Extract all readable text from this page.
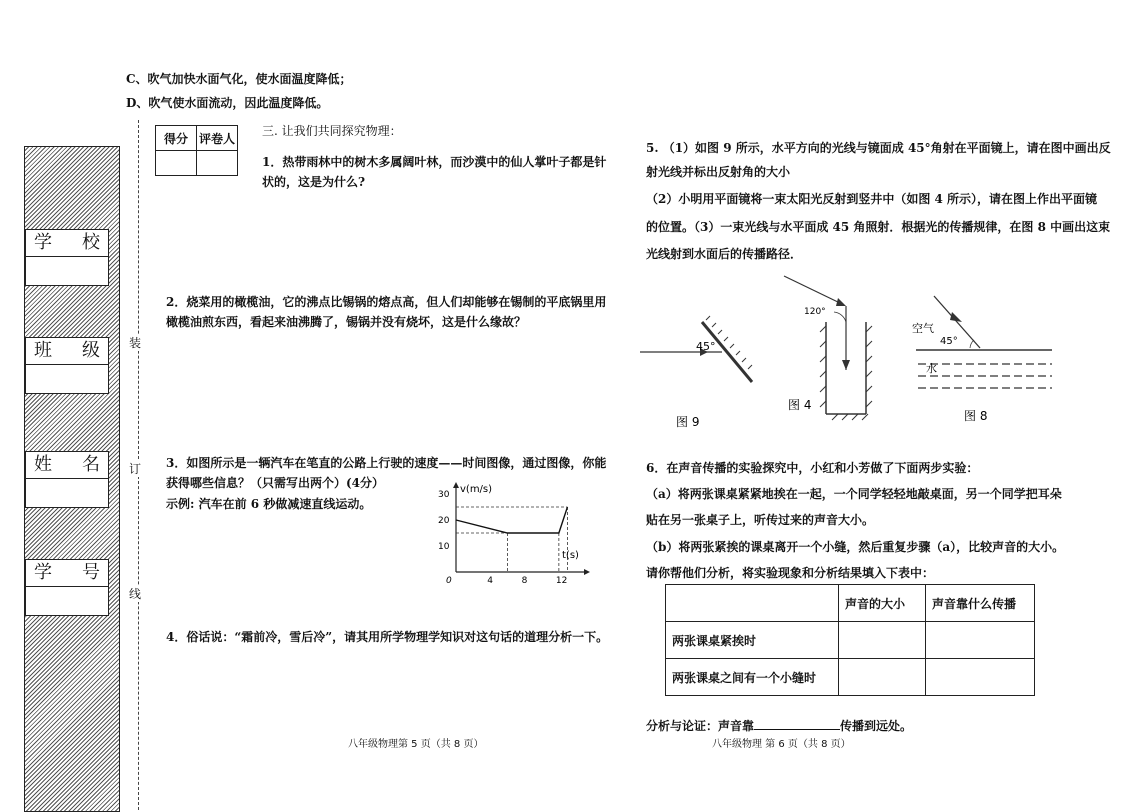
C、吹气加快水面气化，使水面温度降低；
D、吹气使水面流动，因此温度降低。
学 校
班 级
姓 名
学 号
装
订
线
得分	评卷人

三. 让我们共同探究物理：
1．热带雨林中的树木多属阔叶林，而沙漠中的仙人掌叶子都是针
状的，这是为什么?
2．烧菜用的橄榄油，它的沸点比锡锅的熔点高，但人们却能够在锡制的平底锅里用
橄榄油煎东西，看起来油沸腾了，锡锅并没有烧坏，这是什么缘故？
3．如图所示是一辆汽车在笔直的公路上行驶的速度——时间图像，通过图像，你能
获得哪些信息？（只需写出两个）(4分）
示例: 汽车在前 6 秒做减速直线运动。
4	8	12
10
20
30
0
v(m/s)
t(s)
4．俗话说：“霜前冷，雪后冷”，请其用所学物理学知识对这句话的道理分析一下。
八年级物理第 5 页（共 8 页）
5. （1）如图 9 所示，水平方向的光线与镜面成 45°角射在平面镜上，请在图中画出反
射光线并标出反射角的大小
（2）小明用平面镜将一束太阳光反射到竖井中（如图 4 所示），请在图上作出平面镜
的位置。（3）一束光线与水平面成 45 角照射．根据光的传播规律，在图 8 中画出这束
光线射到水面后的传播路径．
45°
图 9
120°
图 4
空气
45°
水
图 8
6．在声音传播的实验探究中，小红和小芳做了下面两步实验：
（a）将两张课桌紧紧地挨在一起，一个同学轻轻地敲桌面，另一个同学把耳朵
贴在另一张桌子上，听传过来的声音大小。
（b）将两张紧挨的课桌离开一个小缝，然后重复步骤（a），比较声音的大小。
请你帮他们分析，将实验现象和分析结果填入下表中：
	声音的大小	声音靠什么传播
两张课桌紧挨时		
两张课桌之间有一个小缝时		
分析与论证：声音靠	传播到远处。
八年级物理 第 6 页（共 8 页）
